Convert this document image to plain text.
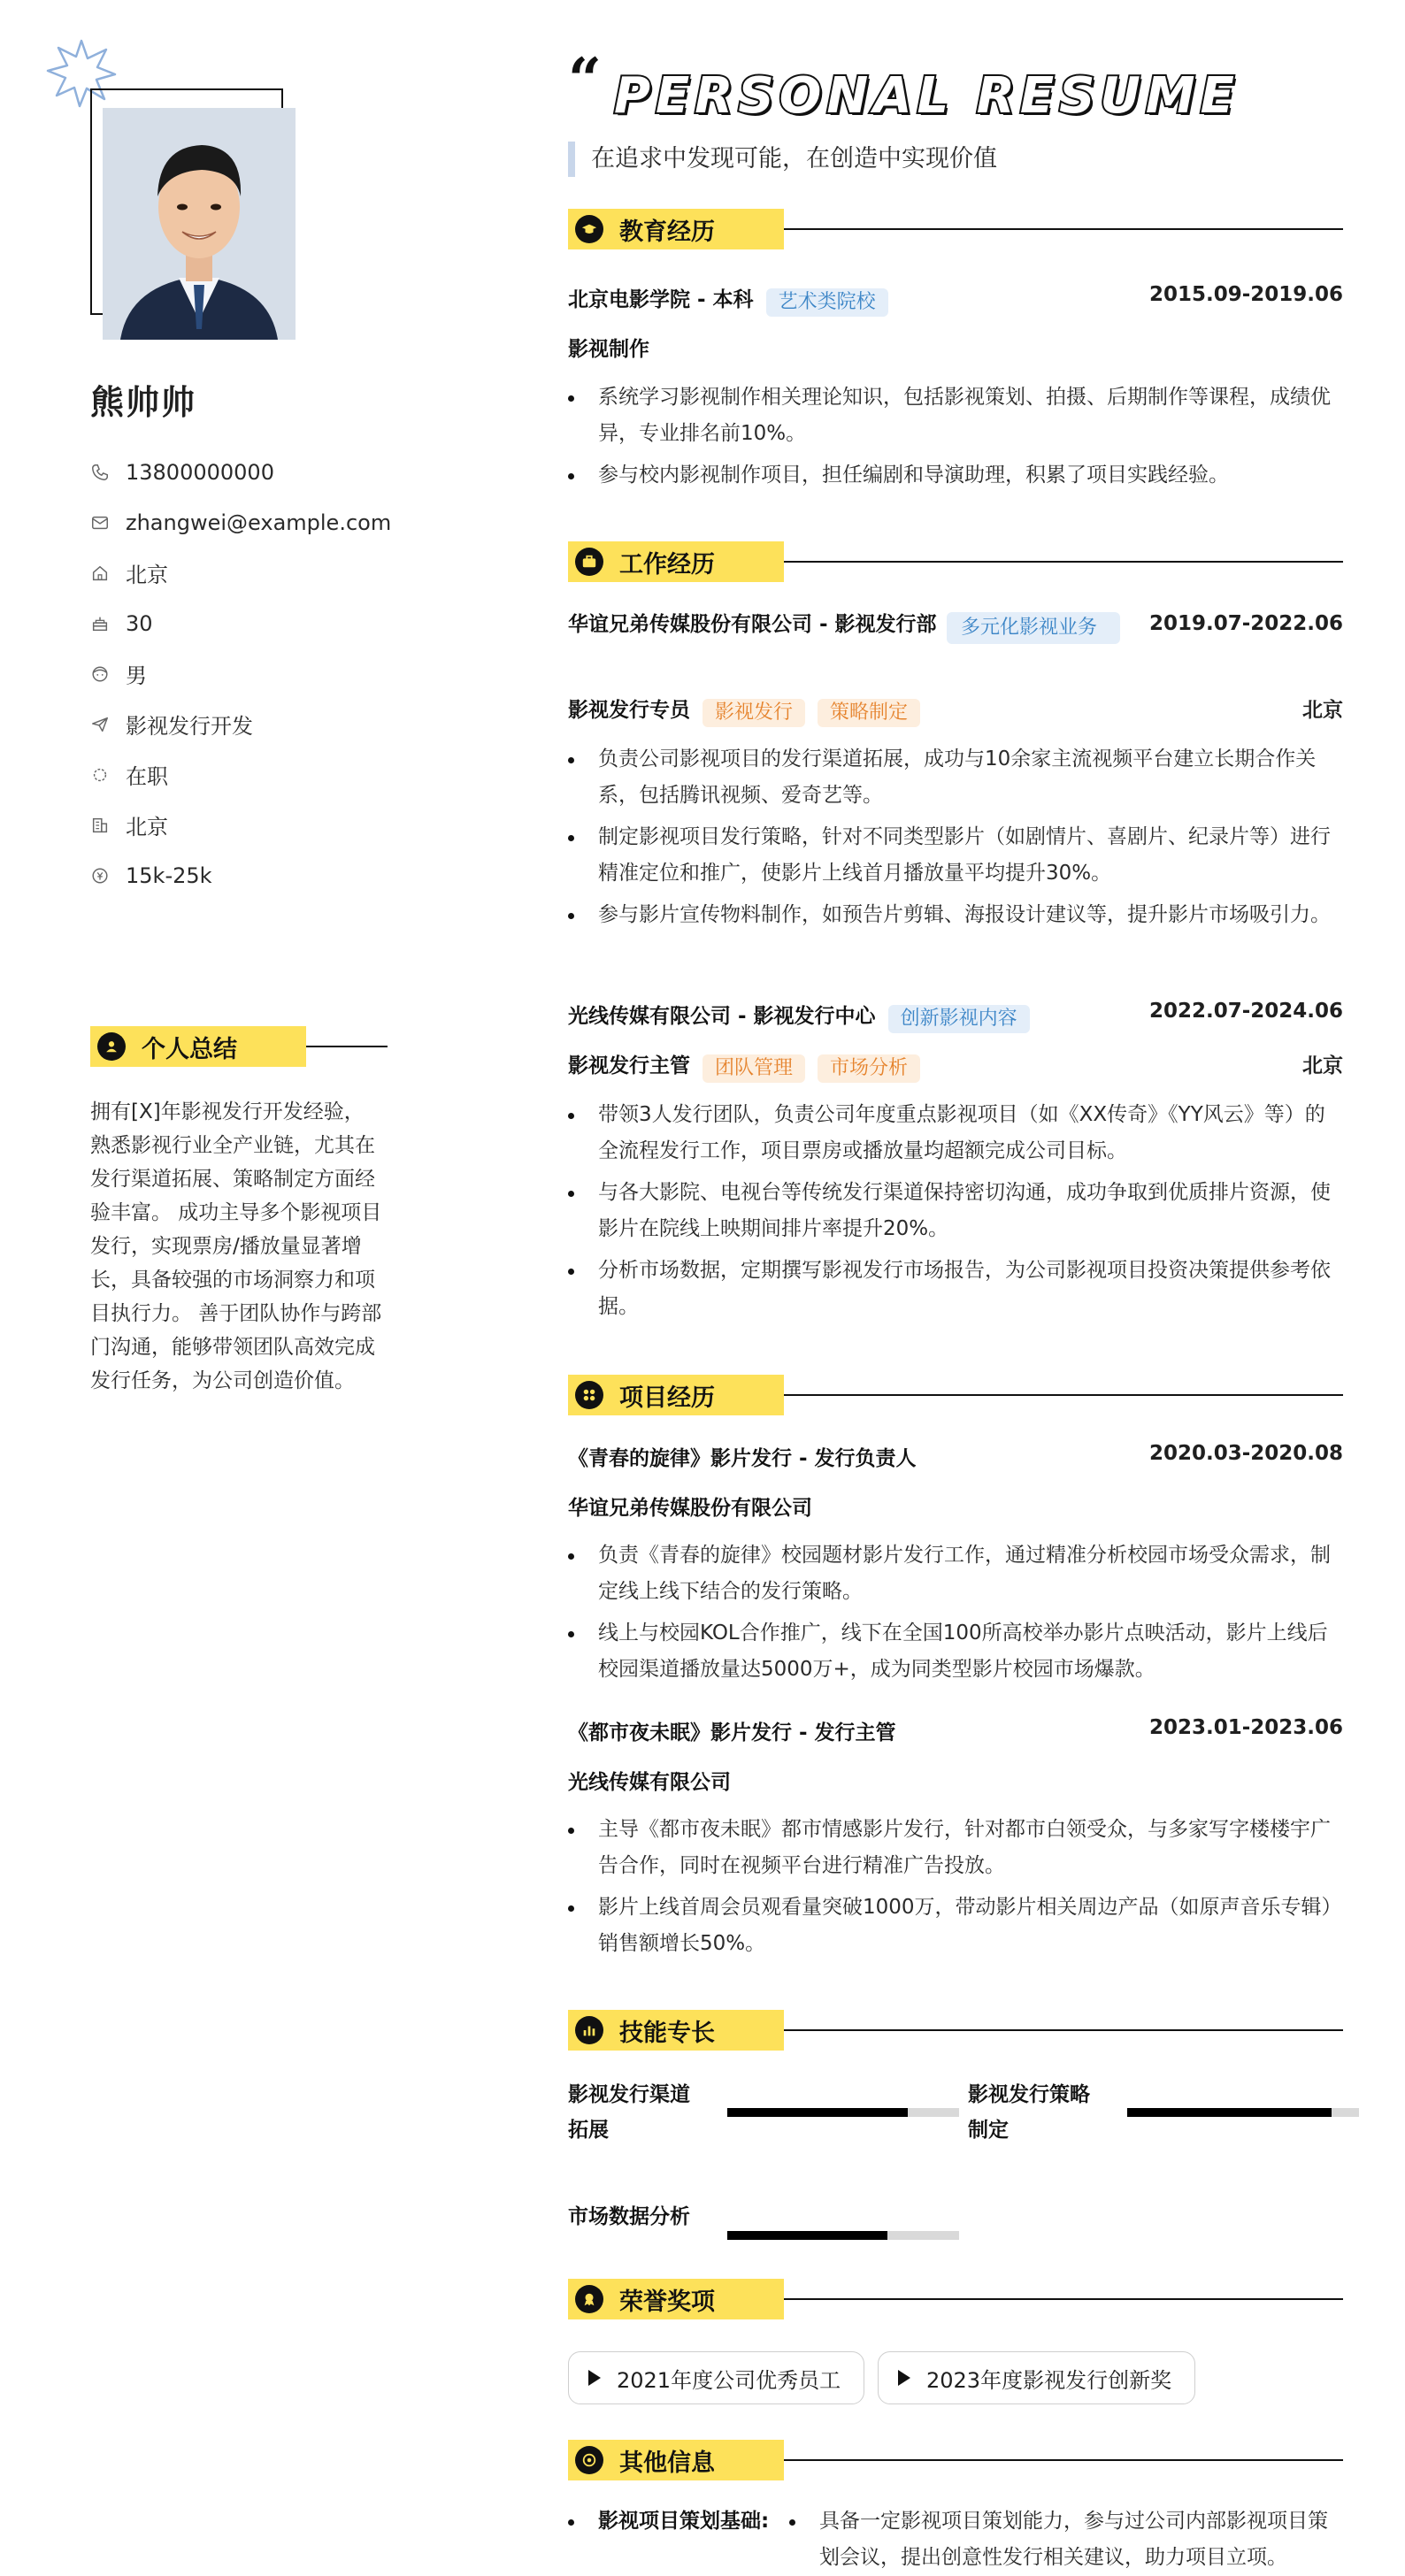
熊帅帅
13800000000
zhangwei@example.com
北京
30
男
影视发行开发
在职
北京
15k-25k
个人总结
拥有[X]年影视发行开发经验，熟悉影视行业全产业链，尤其在发行渠道拓展、策略制定方面经验丰富。 成功主导多个影视项目发行，实现票房/播放量显著增长，具备较强的市场洞察力和项目执行力。 善于团队协作与跨部门沟通，能够带领团队高效完成发行任务，为公司创造价值。
“ PERSONAL RESUME
在追求中发现可能，在创造中实现价值
教育经历
北京电影学院 - 本科 艺术类院校	2015.09-2019.06
影视制作
系统学习影视制作相关理论知识，包括影视策划、拍摄、后期制作等课程，成绩优异，专业排名前10%。
参与校内影视制作项目，担任编剧和导演助理，积累了项目实践经验。
工作经历
华谊兄弟传媒股份有限公司 - 影视发行部	多元化影视业务	2019.07-2022.06
影视发行专员 影视发行 策略制定	北京
负责公司影视项目的发行渠道拓展，成功与10余家主流视频平台建立长期合作关系，包括腾讯视频、爱奇艺等。
制定影视项目发行策略，针对不同类型影片（如剧情片、喜剧片、纪录片等）进行精准定位和推广，使影片上线首月播放量平均提升30%。
参与影片宣传物料制作，如预告片剪辑、海报设计建议等，提升影片市场吸引力。
光线传媒有限公司 - 影视发行中心 创新影视内容	2022.07-2024.06
影视发行主管 团队管理 市场分析	北京
带领3人发行团队，负责公司年度重点影视项目（如《XX传奇》《YY风云》等）的全流程发行工作，项目票房或播放量均超额完成公司目标。
与各大影院、电视台等传统发行渠道保持密切沟通，成功争取到优质排片资源，使影片在院线上映期间排片率提升20%。
分析市场数据，定期撰写影视发行市场报告，为公司影视项目投资决策提供参考依据。
项目经历
《青春的旋律》影片发行 - 发行负责人	2020.03-2020.08
华谊兄弟传媒股份有限公司
负责《青春的旋律》校园题材影片发行工作，通过精准分析校园市场受众需求，制定线上线下结合的发行策略。
线上与校园KOL合作推广，线下在全国100所高校举办影片点映活动，影片上线后校园渠道播放量达5000万+，成为同类型影片校园市场爆款。
《都市夜未眠》影片发行 - 发行主管	2023.01-2023.06
光线传媒有限公司
主导《都市夜未眠》都市情感影片发行，针对都市白领受众，与多家写字楼楼宇广告合作，同时在视频平台进行精准广告投放。
影片上线首周会员观看量突破1000万，带动影片相关周边产品（如原声音乐专辑）销售额增长50%。
技能专长
影视发行渠道拓展
影视发行策略制定
市场数据分析
荣誉奖项
2021年度公司优秀员工	2023年度影视发行创新奖
其他信息
影视项目策划基础:	具备一定影视项目策划能力，参与过公司内部影视项目策划会议，提出创意性发行相关建议，助力项目立项。
